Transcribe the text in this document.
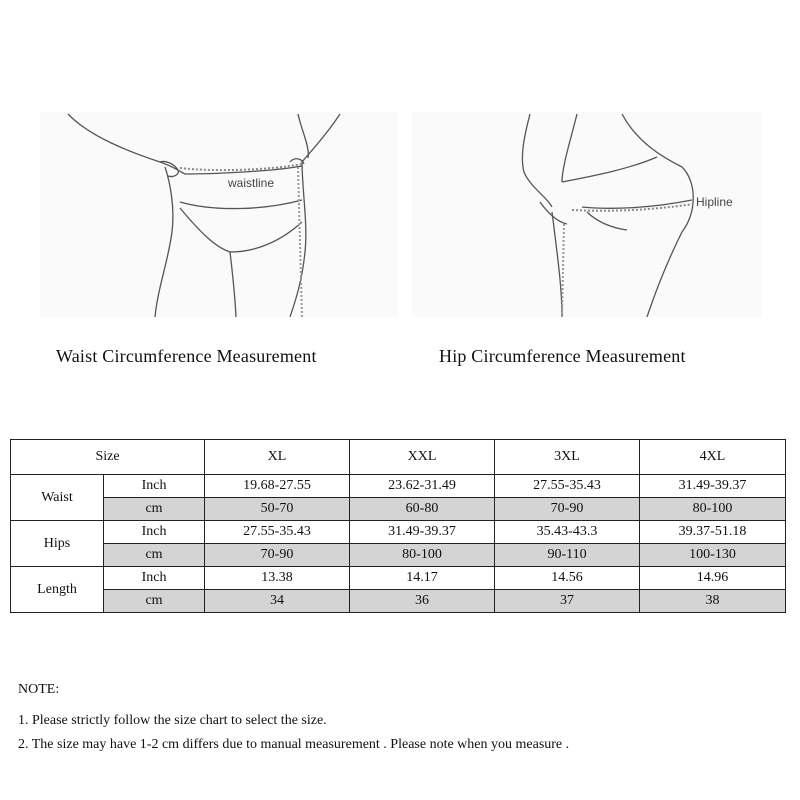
waistline
Hipline
Waist Circumference Measurement	Hip Circumference Measurement
Size		XL	XXL	3XL	4XL
Waist	Inch	19.68-27.55	23.62-31.49	27.55-35.43	31.49-39.37
	cm	50-70	60-80	70-90	80-100
Hips	Inch	27.55-35.43	31.49-39.37	35.43-43.3	39.37-51.18
	cm	70-90	80-100	90-110	100-130
Length	Inch	13.38	14.17	14.56	14.96
	cm	34	36	37	38
NOTE:
1. Please strictly follow the size chart to select the size.
2. The size may have 1-2 cm differs due to manual measurement . Please note when you measure .
